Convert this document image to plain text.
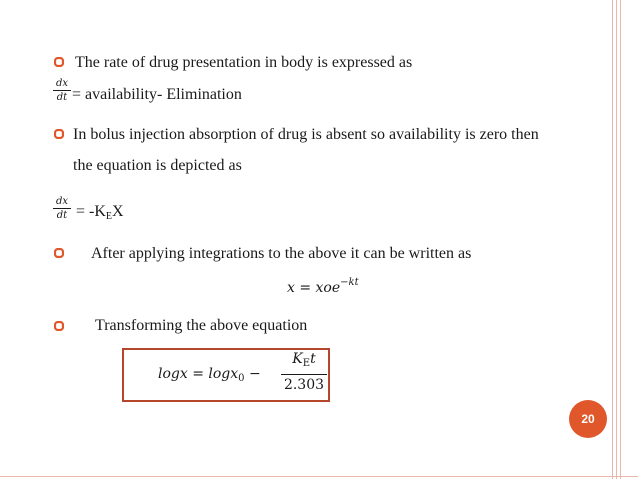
The rate of drug presentation in body is expressed as
$\frac{dx}{dt}$ = availability- Elimination
In bolus injection absorption of drug is absent so availability is zero then
the equation is depicted as
$\frac{dx}{dt} = -K_EX$
After applying integrations to the above it can be written as
x = xoe$^{-kt}$
Transforming the above equation
logx = logx$_0$ −
$K_Et$
2.303
20
